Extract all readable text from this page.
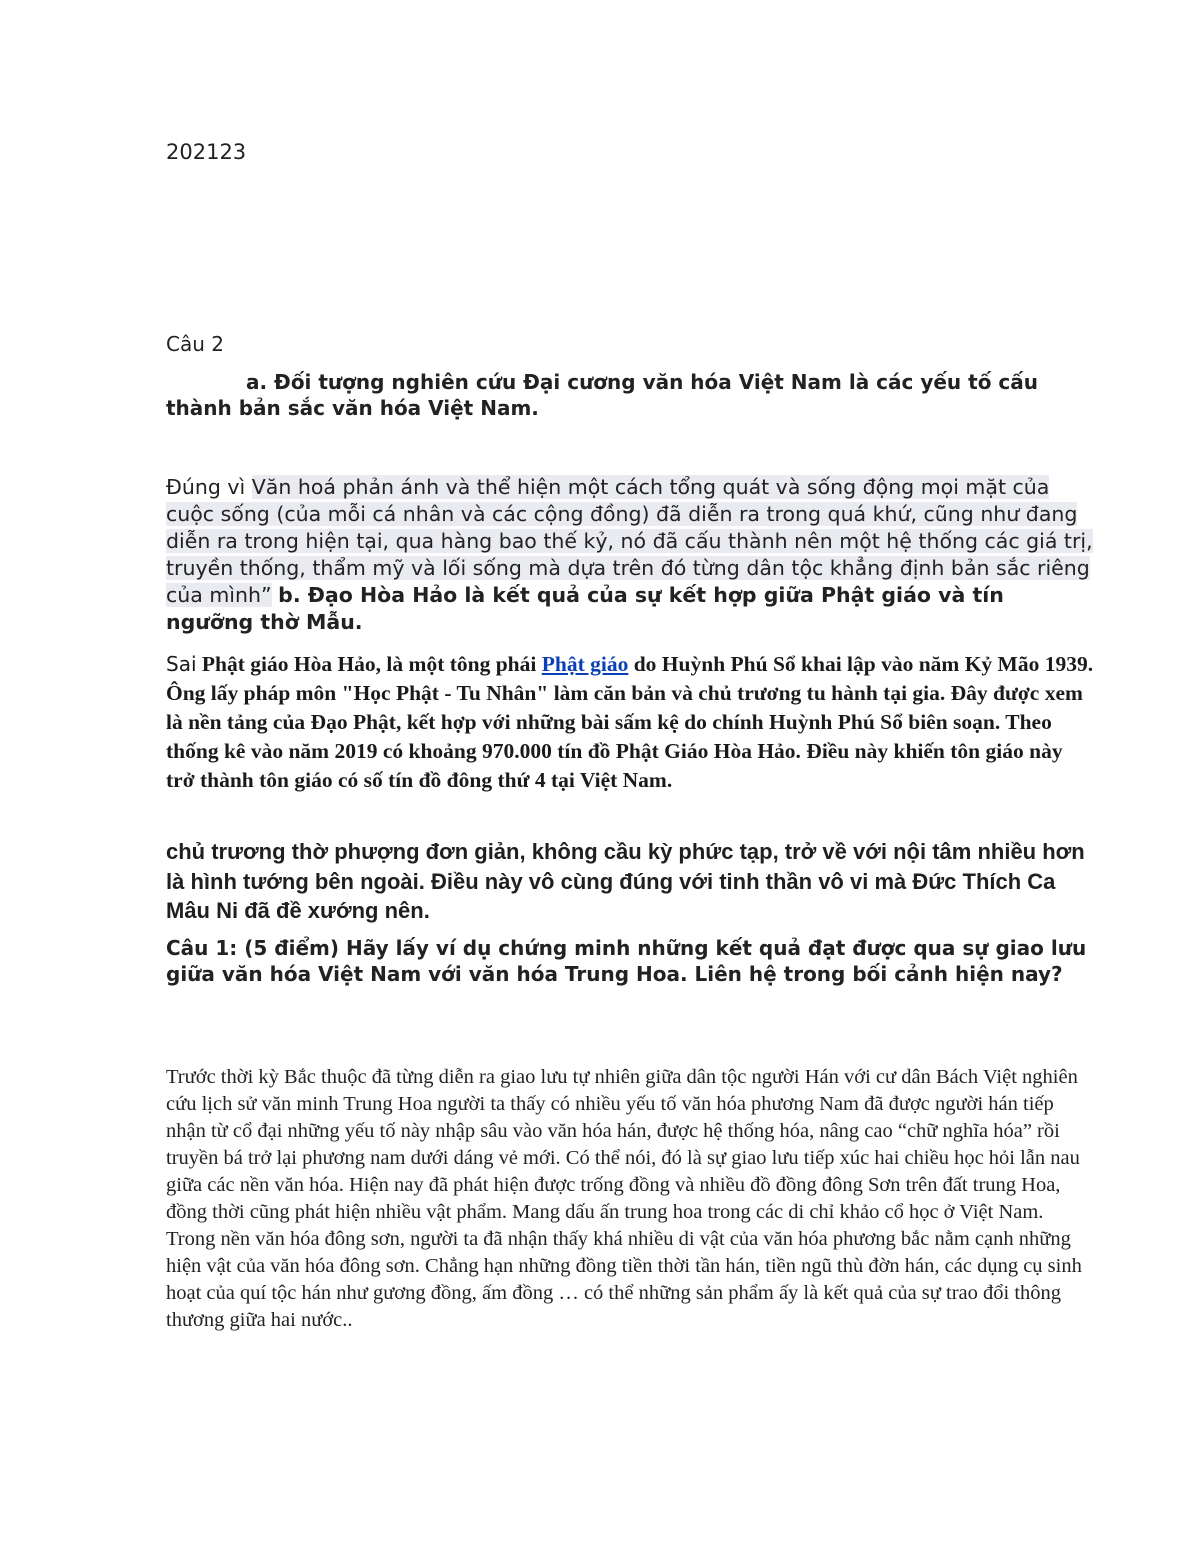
202123

Câu 2

a. Đối tượng nghiên cứu Đại cương văn hóa Việt Nam là các yếu tố cấu thành bản sắc văn hóa Việt Nam.

Đúng vì Văn hoá phản ánh và thể hiện một cách tổng quát và sống động mọi mặt của cuộc sống (của mỗi cá nhân và các cộng đồng) đã diễn ra trong quá khứ, cũng như đang diễn ra trong hiện tại, qua hàng bao thế kỷ, nó đã cấu thành nên một hệ thống các giá trị, truyền thống, thẩm mỹ và lối sống mà dựa trên đó từng dân tộc khẳng định bản sắc riêng của mình” b. Đạo Hòa Hảo là kết quả của sự kết hợp giữa Phật giáo và tín ngưỡng thờ Mẫu.

Sai Phật giáo Hòa Hảo, là một tông phái Phật giáo do Huỳnh Phú Sổ khai lập vào năm Kỷ Mão 1939. Ông lấy pháp môn "Học Phật - Tu Nhân" làm căn bản và chủ trương tu hành tại gia. Đây được xem là nền tảng của Đạo Phật, kết hợp với những bài sấm kệ do chính Huỳnh Phú Sổ biên soạn. Theo thống kê vào năm 2019 có khoảng 970.000 tín đồ Phật Giáo Hòa Hảo. Điều này khiến tôn giáo này trở thành tôn giáo có số tín đồ đông thứ 4 tại Việt Nam.

chủ trương thờ phượng đơn giản, không cầu kỳ phức tạp, trở về với nội tâm nhiều hơn là hình tướng bên ngoài. Điều này vô cùng đúng với tinh thần vô vi mà Đức Thích Ca Mâu Ni đã đề xướng nên.

Câu 1: (5 điểm) Hãy lấy ví dụ chứng minh những kết quả đạt được qua sự giao lưu giữa văn hóa Việt Nam với văn hóa Trung Hoa. Liên hệ trong bối cảnh hiện nay?

Trước thời kỳ Bắc thuộc đã từng diễn ra giao lưu tự nhiên giữa dân tộc người Hán với cư dân Bách Việt nghiên cứu lịch sử văn minh Trung Hoa người ta thấy có nhiều yếu tố văn hóa phương Nam đã được người hán tiếp nhận từ cổ đại những yếu tố này nhập sâu vào văn hóa hán, được hệ thống hóa, nâng cao “chữ nghĩa hóa” rồi truyền bá trở lại phương nam dưới dáng vẻ mới. Có thể nói, đó là sự giao lưu tiếp xúc hai chiều học hỏi lẫn nau giữa các nền văn hóa. Hiện nay đã phát hiện được trống đồng và nhiều đồ đồng đông Sơn trên đất trung Hoa, đồng thời cũng phát hiện nhiều vật phẩm. Mang dấu ấn trung hoa trong các di chỉ khảo cổ học ở Việt Nam. Trong nền văn hóa đông sơn, người ta đã nhận thấy khá nhiều di vật của văn hóa phương bắc nằm cạnh những hiện vật của văn hóa đông sơn. Chẳng hạn những đồng tiền thời tần hán, tiền ngũ thù đờn hán, các dụng cụ sinh hoạt của quí tộc hán như gương đồng, ấm đồng … có thể những sản phẩm ấy là kết quả của sự trao đổi thông thương giữa hai nước..
